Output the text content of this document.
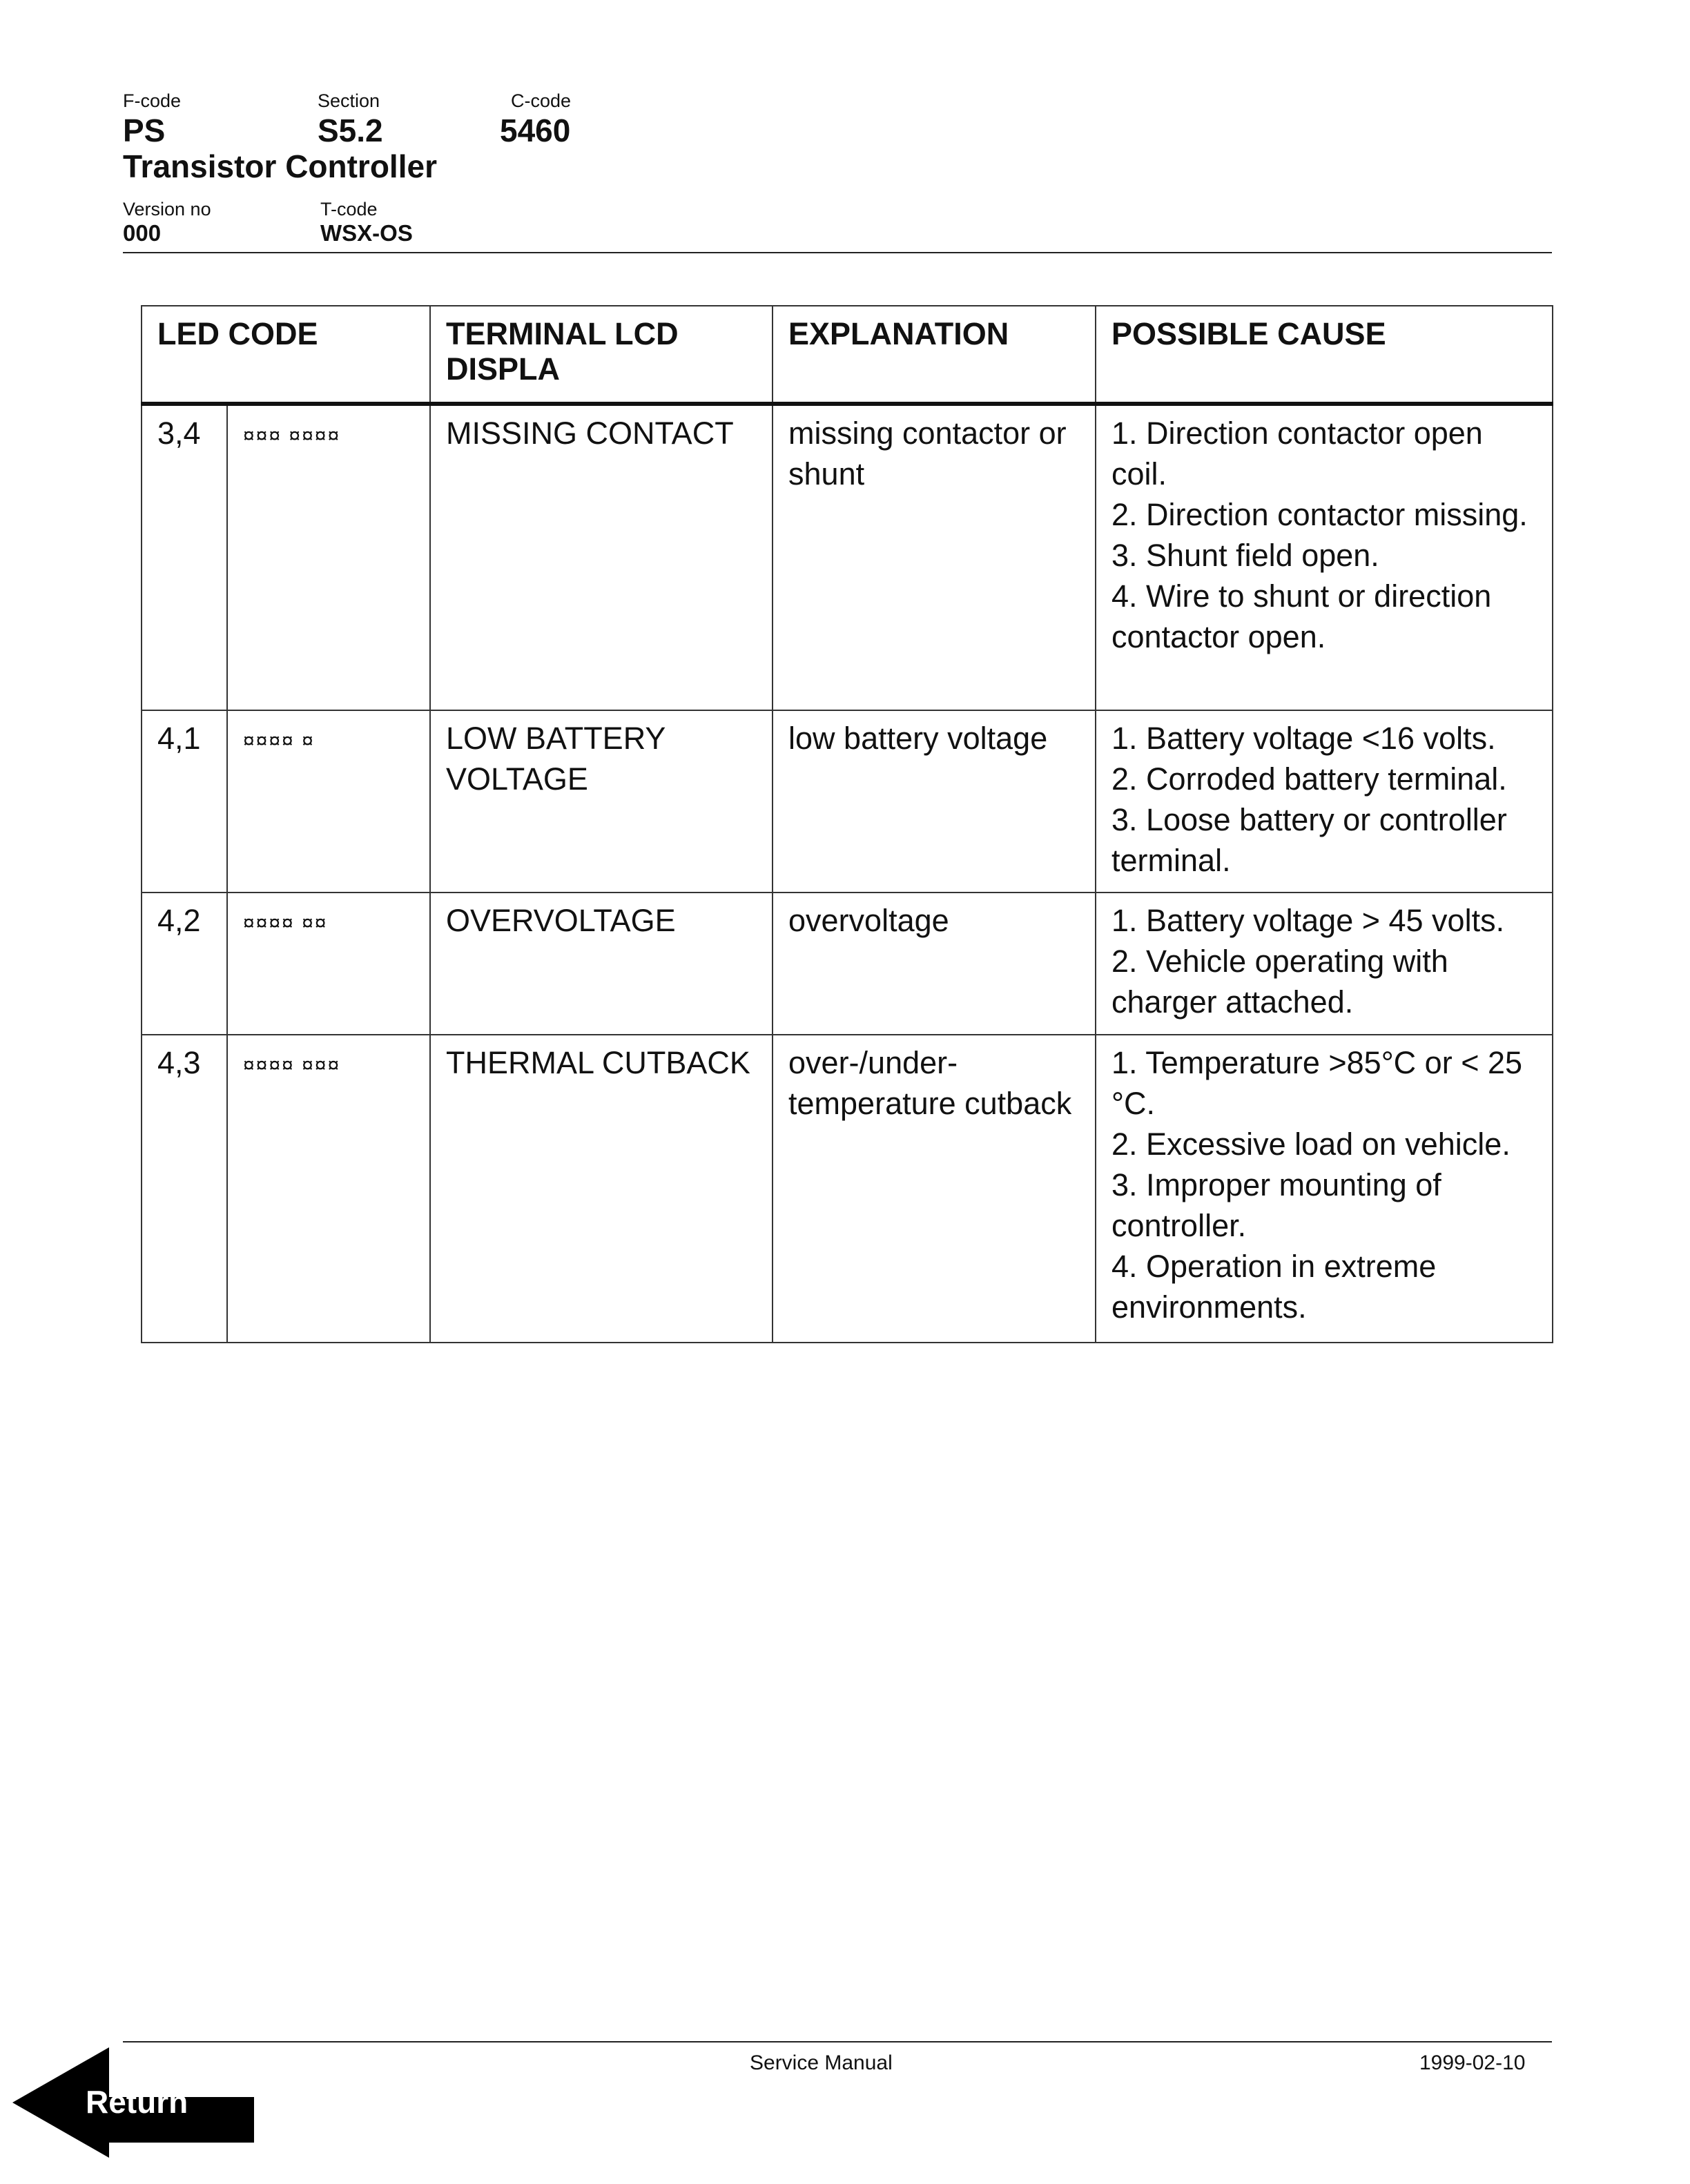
F-code
PS
Section
S5.2
C-code
5460
Transistor Controller
Version no
000
T-code
WSX-OS
LED CODE		TERMINAL LCD DISPLA	EXPLANATION	POSSIBLE CAUSE
3,4	¤¤¤ ¤¤¤¤	MISSING CONTACT	missing contactor or shunt	1. Direction contactor open coil.
2. Direction contactor missing.
3. Shunt field open.
4. Wire to shunt or direction contactor open.

4,1	¤¤¤¤ ¤	LOW BATTERY VOLTAGE	low battery voltage	1. Battery voltage <16 volts.
2. Corroded battery terminal.
3. Loose battery or controller terminal.

4,2	¤¤¤¤ ¤¤	OVERVOLTAGE	overvoltage	1. Battery voltage > 45 volts.
2. Vehicle operating with charger attached.

4,3	¤¤¤¤ ¤¤¤	THERMAL CUTBACK	over-/under-temperature cutback	1. Temperature >85°C or < 25 °C.
2. Excessive load on vehicle.
3. Improper mounting of controller.
4. Operation in extreme environments.
Service Manual	1999-02-10
Return
